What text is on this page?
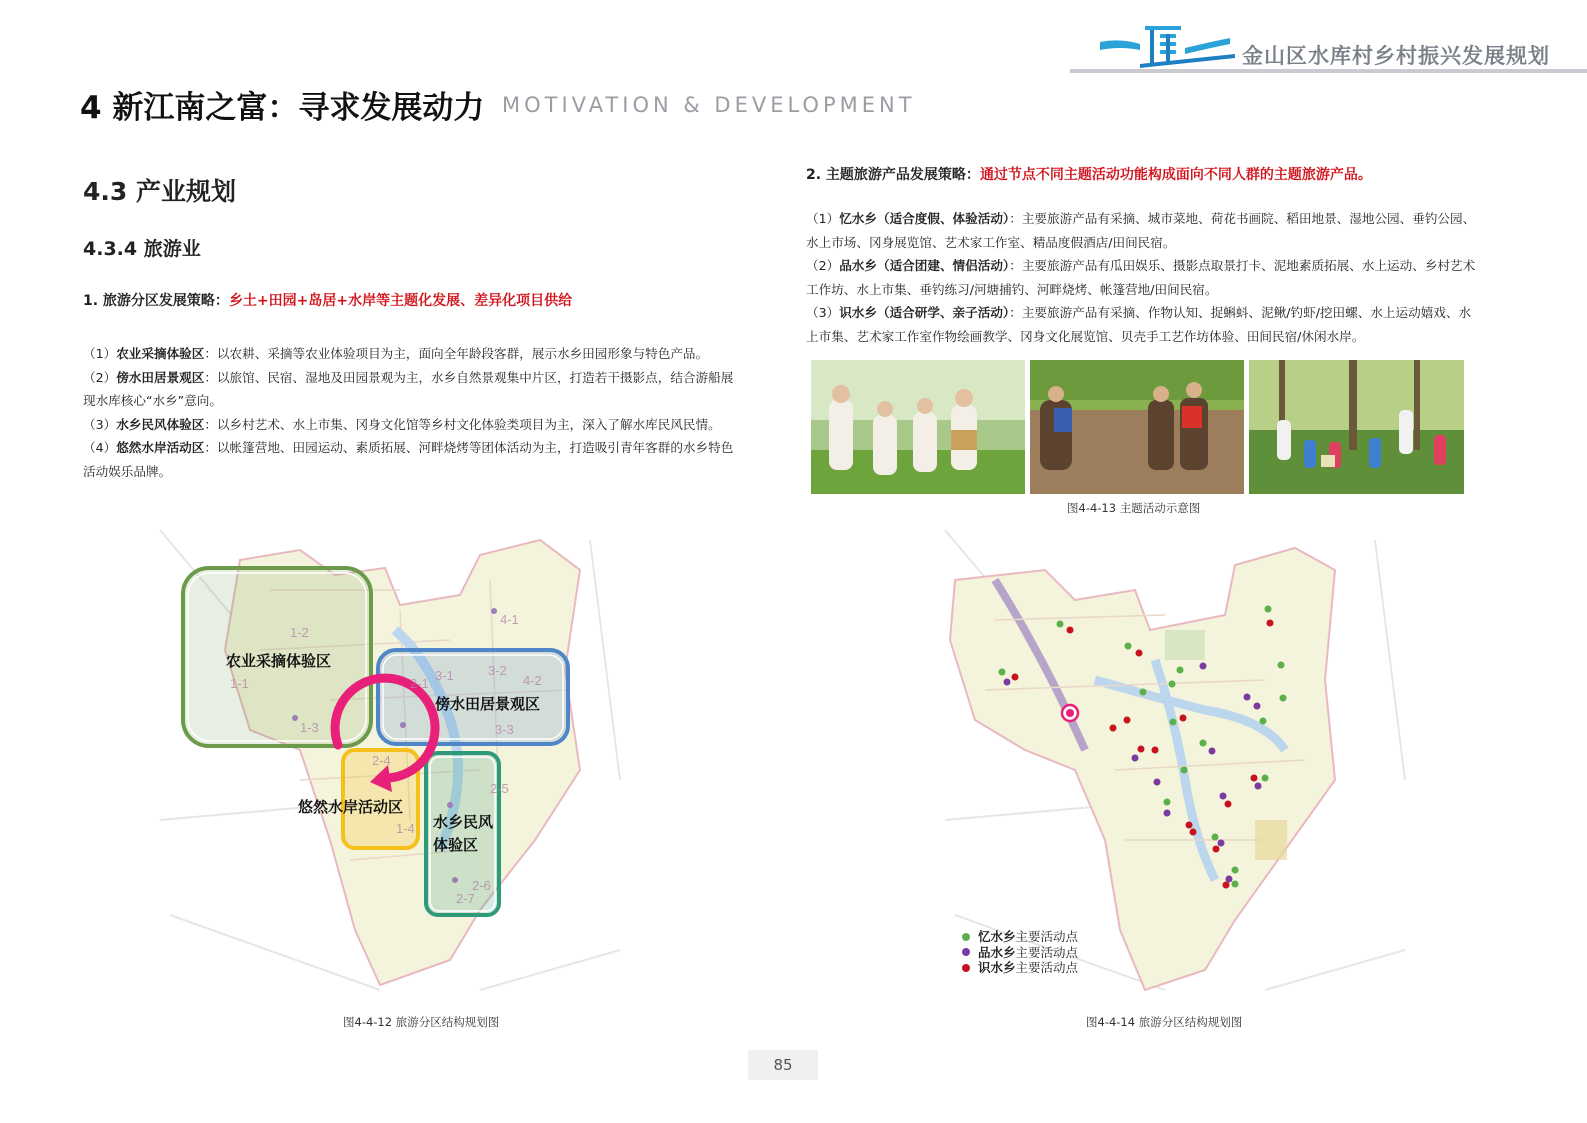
金山区水库村乡村振兴发展规划
4 新江南之富：寻求发展动力 MOTIVATION & DEVELOPMENT
4.3 产业规划
4.3.4 旅游业
1. 旅游分区发展策略：乡土+田园+岛居+水岸等主题化发展、差异化项目供给

（1）农业采摘体验区：以农耕、采摘等农业体验项目为主，面向全年龄段客群，展示水乡田园形象与特色产品。

（2）傍水田居景观区：以旅馆、民宿、湿地及田园景观为主，水乡自然景观集中片区，打造若干摄影点，结合游船展现水库核心“水乡”意向。

（3）水乡民风体验区：以乡村艺术、水上市集、冈身文化馆等乡村文化体验类项目为主，深入了解水库民风民情。

（4）悠然水岸活动区：以帐篷营地、田园运动、素质拓展、河畔烧烤等团体活动为主，打造吸引青年客群的水乡特色活动娱乐品牌。

4-1
1-2
1-1
1-3
3-1	3-2
4-2
2-1
3-3
2-4
2-5
1-4
2-6
2-7
农业采摘体验区
傍水田居景观区
悠然水岸活动区
水乡民风
体验区
图4-4-12 旅游分区结构规划图
2. 主题旅游产品发展策略：通过节点不同主题活动功能构成面向不同人群的主题旅游产品。

（1）忆水乡（适合度假、体验活动）：主要旅游产品有采摘、城市菜地、荷花书画院、稻田地景、湿地公园、垂钓公园、水上市场、冈身展览馆、艺术家工作室、精品度假酒店/田间民宿。

（2）品水乡（适合团建、情侣活动）：主要旅游产品有瓜田娱乐、摄影点取景打卡、泥地素质拓展、水上运动、乡村艺术工作坊、水上市集、垂钓练习/河塘捕钓、河畔烧烤、帐篷营地/田间民宿。

（3）识水乡（适合研学、亲子活动）：主要旅游产品有采摘、作物认知、捉蝌蚪、泥鳅/钓虾/挖田螺、水上运动嬉戏、水上市集、艺术家工作室作物绘画教学、冈身文化展览馆、贝壳手工艺作坊体验、田间民宿/休闲水岸。

图4-4-13 主题活动示意图
忆水乡主要活动点
品水乡主要活动点
识水乡主要活动点
图4-4-14 旅游分区结构规划图
85
